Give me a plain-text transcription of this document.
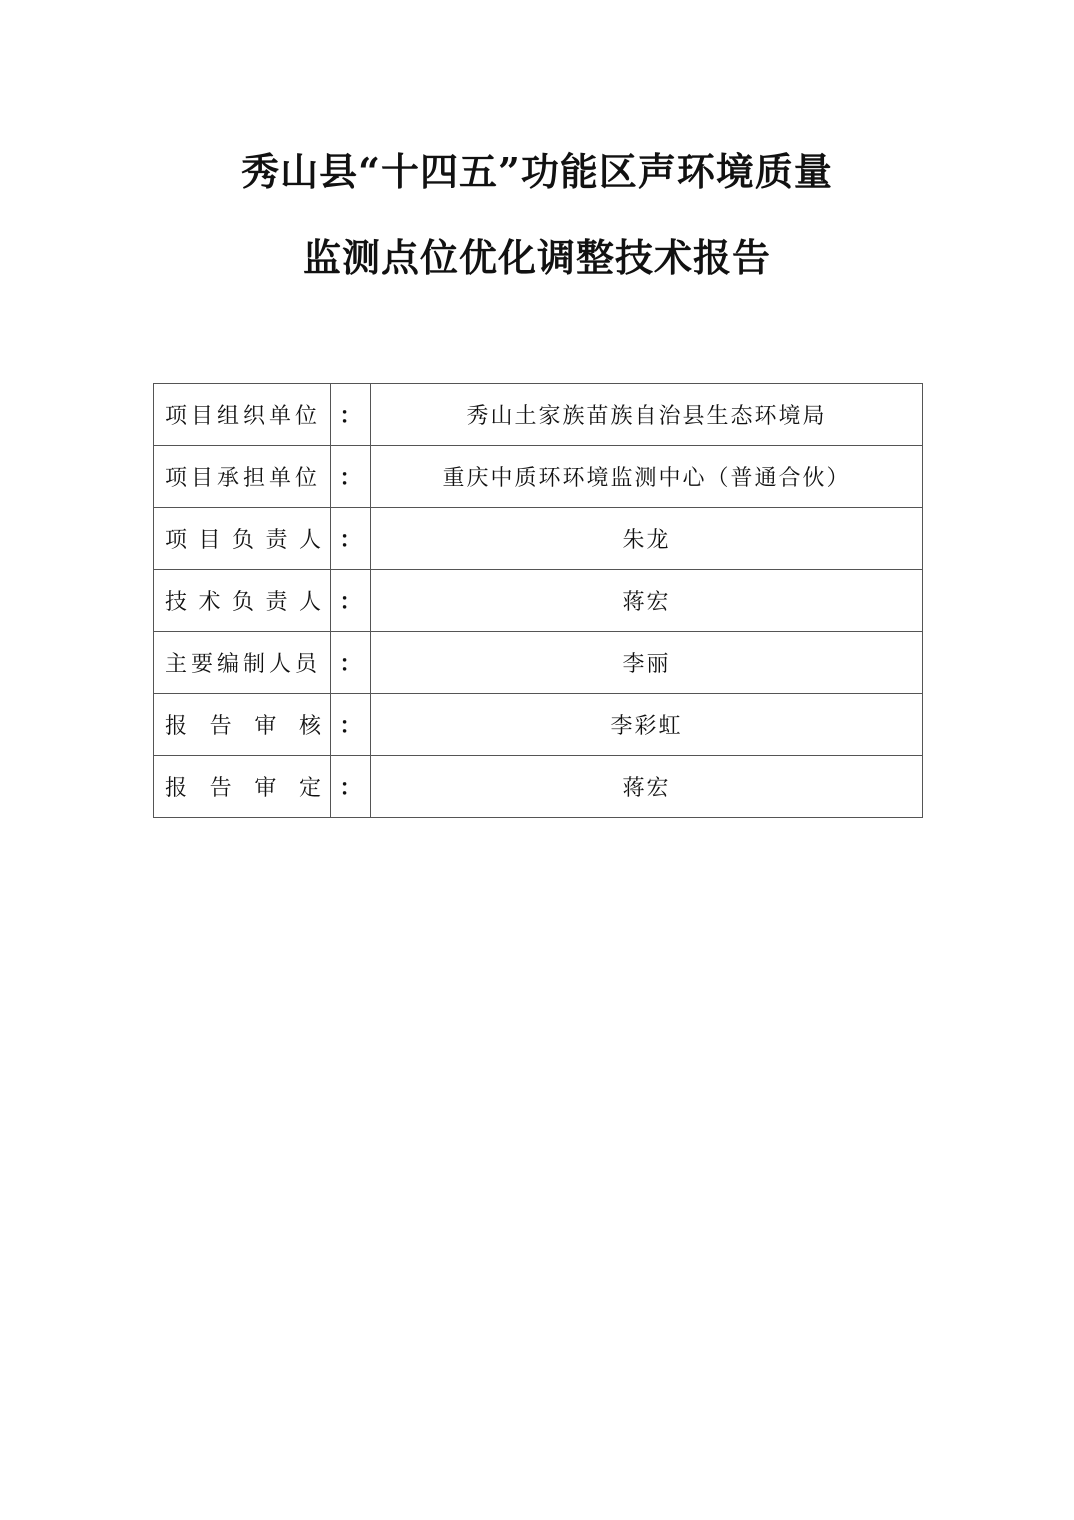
秀山县“十四五”功能区声环境质量
监测点位优化调整技术报告
项目组织单位	：	秀山土家族苗族自治县生态环境局

项目承担单位	：	重庆中质环环境监测中心（普通合伙）

项 目 负 责 人	：	朱龙

技 术 负 责 人	：	蒋宏

主要编制人员	：	李丽

报 告 审 核	：	李彩虹

报 告 审 定	：	蒋宏
